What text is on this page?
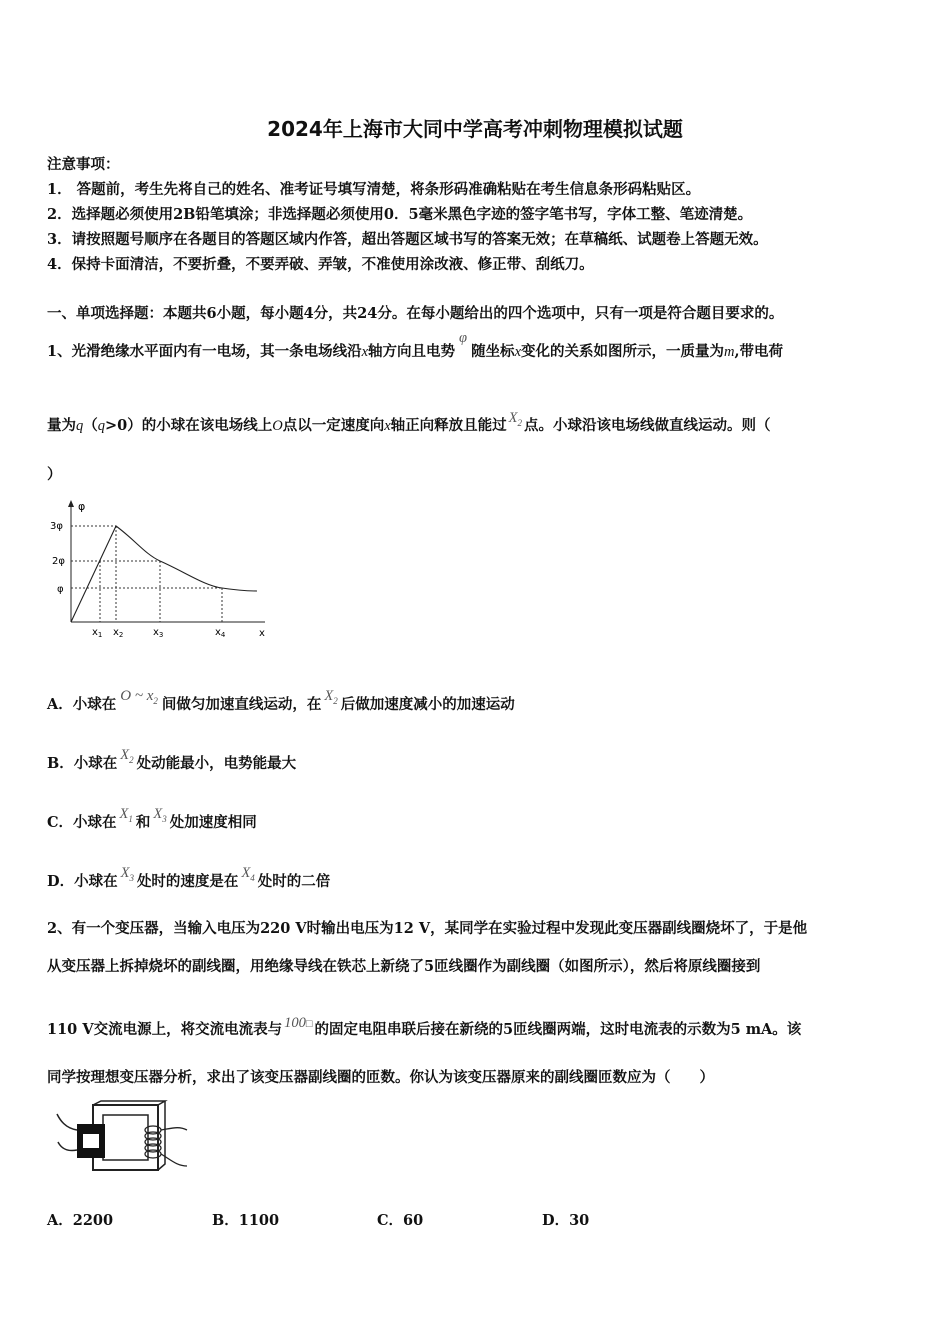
2024年上海市大同中学高考冲刺物理模拟试题
注意事项：
1． 答题前，考生先将自己的姓名、准考证号填写清楚，将条形码准确粘贴在考生信息条形码粘贴区。
2．选择题必须使用2B铅笔填涂；非选择题必须使用0．5毫米黑色字迹的签字笔书写，字体工整、笔迹清楚。
3．请按照题号顺序在各题目的答题区域内作答，超出答题区域书写的答案无效；在草稿纸、试题卷上答题无效。
4．保持卡面清洁，不要折叠，不要弄破、弄皱，不准使用涂改液、修正带、刮纸刀。
一、单项选择题：本题共6小题，每小题4分，共24分。在每小题给出的四个选项中，只有一项是符合题目要求的。
1、光滑绝缘水平面内有一电场，其一条电场线沿x轴方向且电势φ随坐标x变化的关系如图所示，一质量为m,带电荷
量为q（q>0）的小球在该电场线上O点以一定速度向x轴正向释放且能过 $X_2$ 点。小球沿该电场线做直线运动。则（
）
φ
x
3φ
2φ
φ
$x_1$ $x_2$	$x_3$	$x_4$
A．小球在 O ~ $x_2$ 间做匀加速直线运动，在 $X_2$ 后做加速度减小的加速运动
B．小球在 $X_2$ 处动能最小，电势能最大
C．小球在 $X_1$ 和 $X_3$ 处加速度相同
D．小球在 $X_3$ 处时的速度是在 $X_4$ 处时的二倍
2、有一个变压器，当输入电压为220 V时输出电压为12 V，某同学在实验过程中发现此变压器副线圈烧坏了，于是他
从变压器上拆掉烧坏的副线圈，用绝缘导线在铁芯上新绕了5匝线圈作为副线圈（如图所示），然后将原线圈接到
110 V交流电源上，将交流电流表与 100□ 的固定电阻串联后接在新绕的5匝线圈两端，这时电流表的示数为5 mA。该
同学按理想变压器分析，求出了该变压器副线圈的匝数。你认为该变压器原来的副线圈匝数应为（　　）
A．2200	B．1100	C．60	D．30
